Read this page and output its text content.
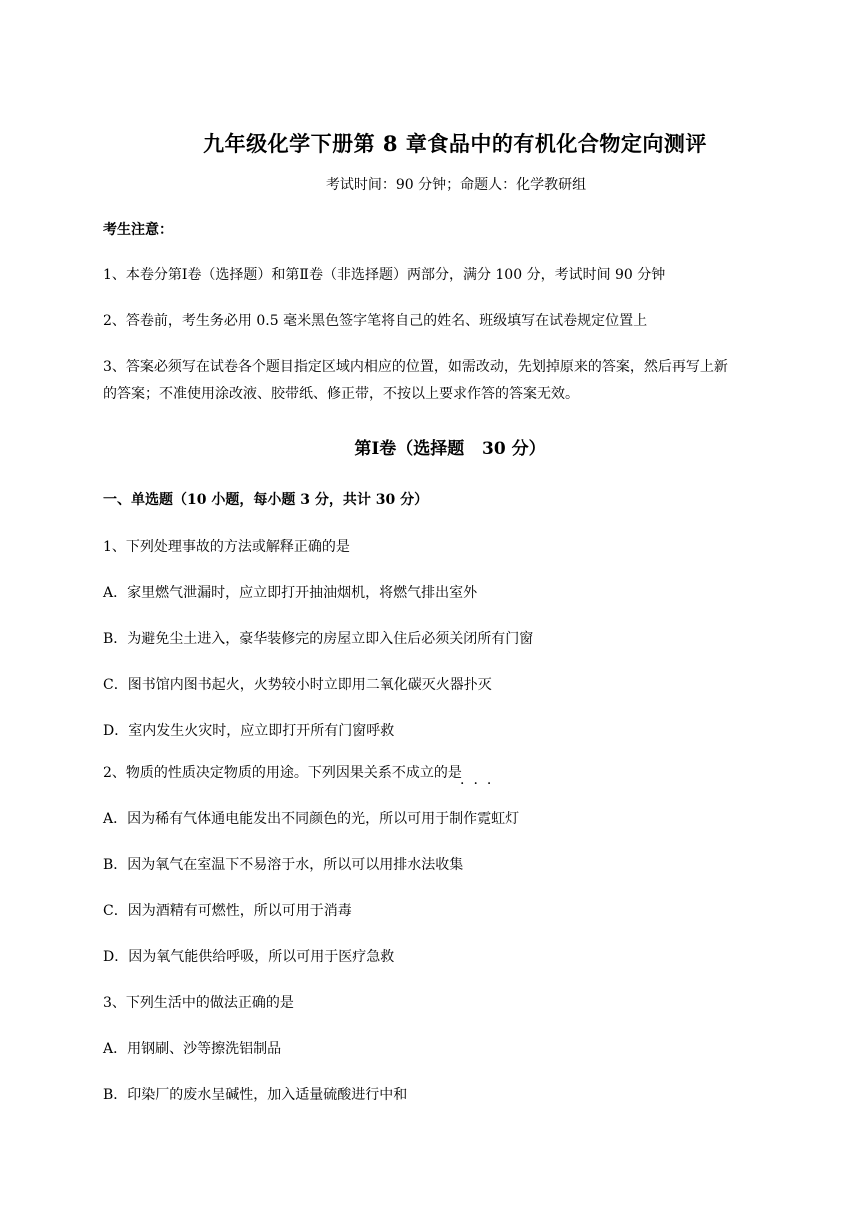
九年级化学下册第 8 章食品中的有机化合物定向测评
考试时间：90 分钟；命题人：化学教研组
考生注意：
1、本卷分第Ⅰ卷（选择题）和第Ⅱ卷（非选择题）两部分，满分 100 分，考试时间 90 分钟
2、答卷前，考生务必用 0.5 毫米黑色签字笔将自己的姓名、班级填写在试卷规定位置上
3、答案必须写在试卷各个题目指定区域内相应的位置，如需改动，先划掉原来的答案，然后再写上新
的答案；不准使用涂改液、胶带纸、修正带，不按以上要求作答的答案无效。
第Ⅰ卷（选择题   30 分）
一、单选题（10 小题，每小题 3 分，共计 30 分）
1、下列处理事故的方法或解释正确的是
A．家里燃气泄漏时，应立即打开抽油烟机，将燃气排出室外
B．为避免尘土进入，豪华装修完的房屋立即入住后必须关闭所有门窗
C．图书馆内图书起火，火势较小时立即用二氧化碳灭火器扑灭
D．室内发生火灾时，应立即打开所有门窗呼救
2、物质的性质决定物质的用途。下列因果关系不成立的是
···
A．因为稀有气体通电能发出不同颜色的光，所以可用于制作霓虹灯
B．因为氧气在室温下不易溶于水，所以可以用排水法收集
C．因为酒精有可燃性，所以可用于消毒
D．因为氧气能供给呼吸，所以可用于医疗急救
3、下列生活中的做法正确的是
A．用钢刷、沙等擦洗铝制品
B．印染厂的废水呈碱性，加入适量硫酸进行中和
